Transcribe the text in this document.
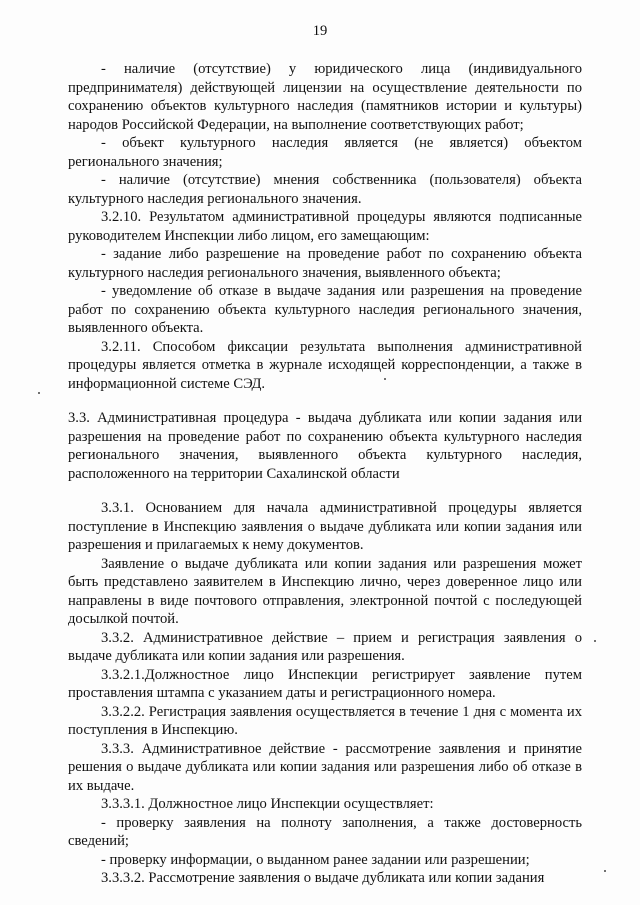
19

- наличие (отсутствие) у юридического лица (индивидуального предпринимателя) действующей лицензии на осуществление деятельности по сохранению объектов культурного наследия (памятников истории и культуры) народов Российской Федерации, на выполнение соответствующих работ;

- объект культурного наследия является (не является) объектом регионального значения;

- наличие (отсутствие) мнения собственника (пользователя) объекта культурного наследия регионального значения.

3.2.10. Результатом административной процедуры являются подписанные руководителем Инспекции либо лицом, его замещающим:

- задание либо разрешение на проведение работ по сохранению объекта культурного наследия регионального значения, выявленного объекта;

- уведомление об отказе в выдаче задания или разрешения на проведение работ по сохранению объекта культурного наследия регионального значения, выявленного объекта.

3.2.11. Способом фиксации результата выполнения административной процедуры является отметка в журнале исходящей корреспонденции, а также в информационной системе СЭД.

3.3. Административная процедура - выдача дубликата или копии задания или разрешения на проведение работ по сохранению объекта культурного наследия регионального значения, выявленного объекта культурного наследия, расположенного на территории Сахалинской области

3.3.1. Основанием для начала административной процедуры является поступление в Инспекцию заявления о выдаче дубликата или копии задания или разрешения и прилагаемых к нему документов.

Заявление о выдаче дубликата или копии задания или разрешения может быть представлено заявителем в Инспекцию лично, через доверенное лицо или направлены в виде почтового отправления, электронной почтой с последующей досылкой почтой.

3.3.2. Административное действие – прием и регистрация заявления о выдаче дубликата или копии задания или разрешения.

3.3.2.1.Должностное лицо Инспекции регистрирует заявление путем проставления штампа с указанием даты и регистрационного номера.

3.3.2.2. Регистрация заявления осуществляется в течение 1 дня с момента их поступления в Инспекцию.

3.3.3. Административное действие - рассмотрение заявления и принятие решения о выдаче дубликата или копии задания или разрешения либо об отказе в их выдаче.

3.3.3.1. Должностное лицо Инспекции осуществляет:

- проверку заявления на полноту заполнения, а также достоверность сведений;

- проверку информации, о выданном ранее задании или разрешении;

3.3.3.2. Рассмотрение заявления о выдаче дубликата или копии задания
